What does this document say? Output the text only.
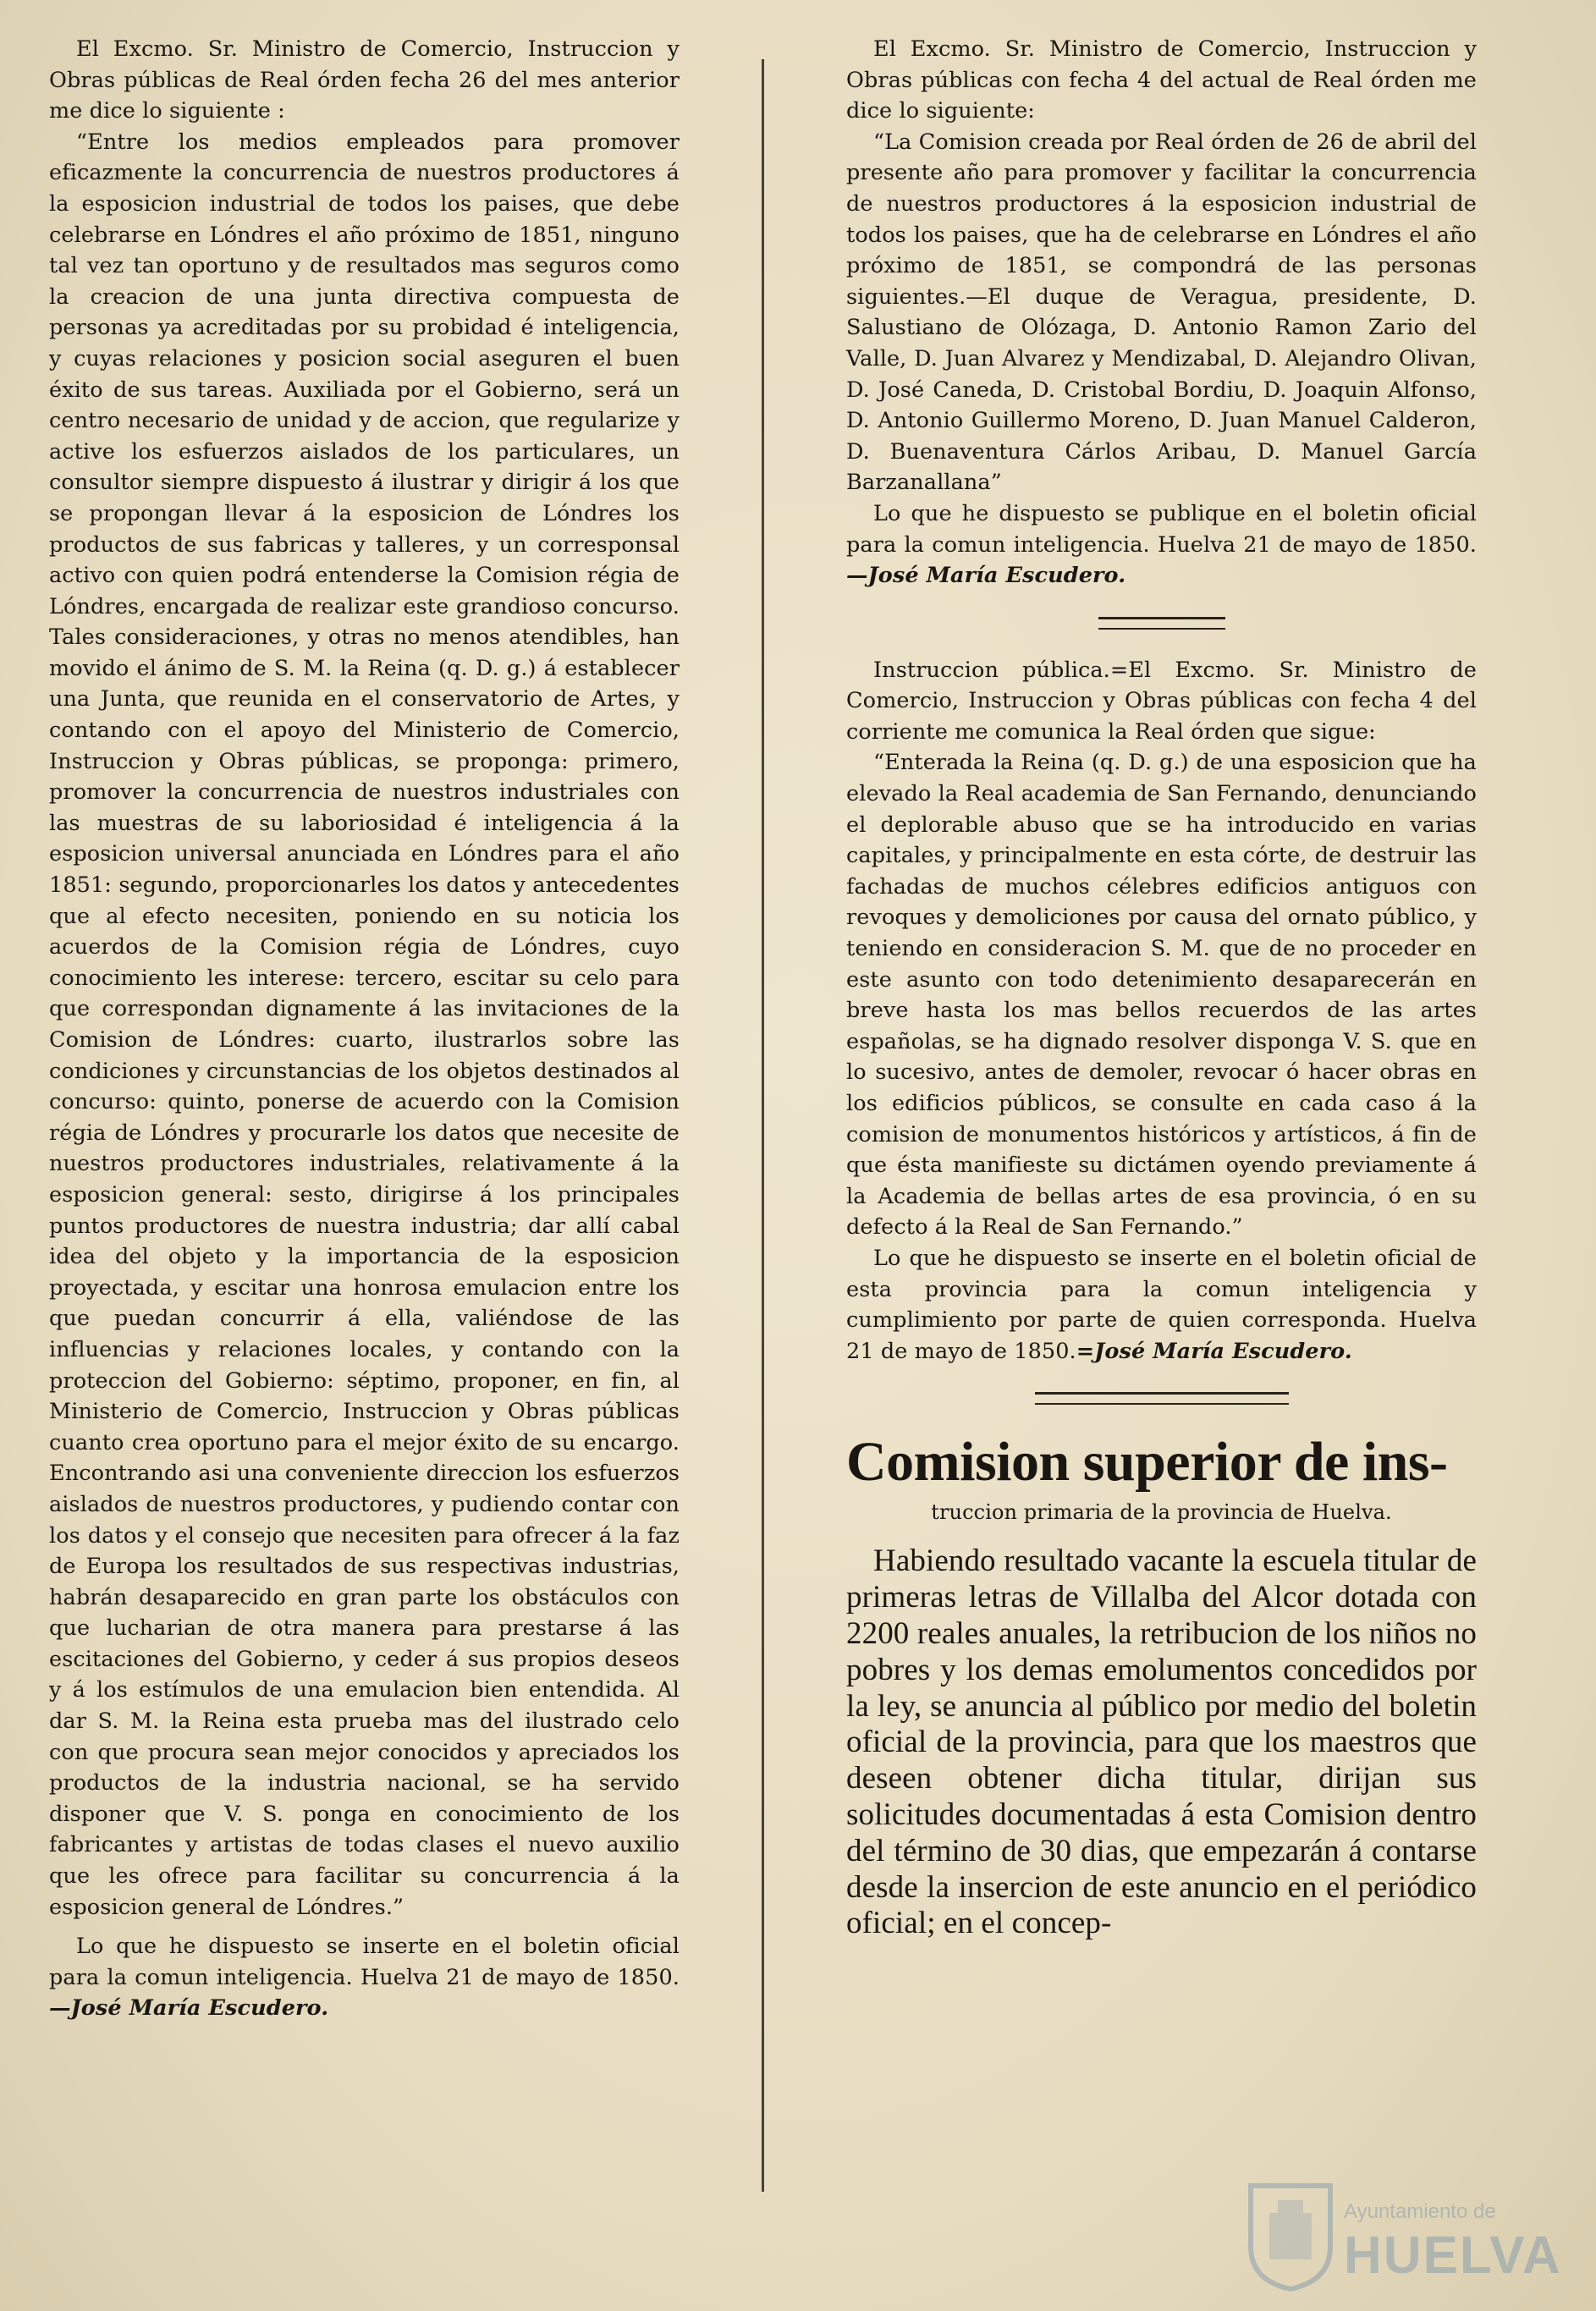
El Excmo. Sr. Ministro de Comercio, Instruccion y Obras públicas de Real órden fecha 26 del mes anterior me dice lo siguiente :

“Entre los medios empleados para promover eficazmente la concurrencia de nuestros productores á la esposicion industrial de todos los paises, que debe celebrarse en Lóndres el año próximo de 1851, ninguno tal vez tan oportuno y de resultados mas seguros como la creacion de una junta directiva compuesta de personas ya acreditadas por su probidad é inteligencia, y cuyas relaciones y posicion social aseguren el buen éxito de sus tareas. Auxiliada por el Gobierno, será un centro necesario de unidad y de accion, que regularize y active los esfuerzos aislados de los particulares, un consultor siempre dispuesto á ilustrar y dirigir á los que se propongan llevar á la esposicion de Lóndres los productos de sus fabricas y talleres, y un corresponsal activo con quien podrá entenderse la Comision régia de Lóndres, encargada de realizar este grandioso concurso. Tales consideraciones, y otras no menos atendibles, han movido el ánimo de S. M. la Reina (q. D. g.) á establecer una Junta, que reunida en el conservatorio de Artes, y contando con el apoyo del Ministerio de Comercio, Instruccion y Obras públicas, se proponga: primero, promover la concurrencia de nuestros industriales con las muestras de su laboriosidad é inteligencia á la esposicion universal anunciada en Lóndres para el año 1851: segundo, proporcionarles los datos y antecedentes que al efecto necesiten, poniendo en su noticia los acuerdos de la Comision régia de Lóndres, cuyo conocimiento les interese: tercero, escitar su celo para que correspondan dignamente á las invitaciones de la Comision de Lóndres: cuarto, ilustrarlos sobre las condiciones y circunstancias de los objetos destinados al concurso: quinto, ponerse de acuerdo con la Comision régia de Lóndres y procurarle los datos que necesite de nuestros productores industriales, relativamente á la esposicion general: sesto, dirigirse á los principales puntos productores de nuestra industria; dar allí cabal idea del objeto y la importancia de la esposicion proyectada, y escitar una honrosa emulacion entre los que puedan concurrir á ella, valiéndose de las influencias y relaciones locales, y contando con la proteccion del Gobierno: séptimo, proponer, en fin, al Ministerio de Comercio, Instruccion y Obras públicas cuanto crea oportuno para el mejor éxito de su encargo. Encontrando asi una conveniente direccion los esfuerzos aislados de nuestros productores, y pudiendo contar con los datos y el consejo que necesiten para ofrecer á la faz de Europa los resultados de sus respectivas industrias, habrán desaparecido en gran parte los obstáculos con que lucharian de otra manera para prestarse á las escitaciones del Gobierno, y ceder á sus propios deseos y á los estímulos de una emulacion bien entendida. Al dar S. M. la Reina esta prueba mas del ilustrado celo con que procura sean mejor conocidos y apreciados los productos de la industria nacional, se ha servido disponer que V. S. ponga en conocimiento de los fabricantes y artistas de todas clases el nuevo auxilio que les ofrece para facilitar su concurrencia á la esposicion general de Lóndres.”

Lo que he dispuesto se inserte en el boletin oficial para la comun inteligencia. Huelva 21 de mayo de 1850.—José María Escudero.

El Excmo. Sr. Ministro de Comercio, Instruccion y Obras públicas con fecha 4 del actual de Real órden me dice lo siguiente:

“La Comision creada por Real órden de 26 de abril del presente año para promover y facilitar la concurrencia de nuestros productores á la esposicion industrial de todos los paises, que ha de celebrarse en Lóndres el año próximo de 1851, se compondrá de las personas siguientes.—El duque de Veragua, presidente, D. Salustiano de Olózaga, D. Antonio Ramon Zario del Valle, D. Juan Alvarez y Mendizabal, D. Alejandro Olivan, D. José Caneda, D. Cristobal Bordiu, D. Joaquin Alfonso, D. Antonio Guillermo Moreno, D. Juan Manuel Calderon, D. Buenaventura Cárlos Aribau, D. Manuel García Barzanallana”

Lo que he dispuesto se publique en el boletin oficial para la comun inteligencia. Huelva 21 de mayo de 1850.—José María Escudero.

Instruccion pública.=El Excmo. Sr. Ministro de Comercio, Instruccion y Obras públicas con fecha 4 del corriente me comunica la Real órden que sigue:

“Enterada la Reina (q. D. g.) de una esposicion que ha elevado la Real academia de San Fernando, denunciando el deplorable abuso que se ha introducido en varias capitales, y principalmente en esta córte, de destruir las fachadas de muchos célebres edificios antiguos con revoques y demoliciones por causa del ornato público, y teniendo en consideracion S. M. que de no proceder en este asunto con todo detenimiento desaparecerán en breve hasta los mas bellos recuerdos de las artes españolas, se ha dignado resolver disponga V. S. que en lo sucesivo, antes de demoler, revocar ó hacer obras en los edificios públicos, se consulte en cada caso á la comision de monumentos históricos y artísticos, á fin de que ésta manifieste su dictámen oyendo previamente á la Academia de bellas artes de esa provincia, ó en su defecto á la Real de San Fernando.”

Lo que he dispuesto se inserte en el boletin oficial de esta provincia para la comun inteligencia y cumplimiento por parte de quien corresponda. Huelva 21 de mayo de 1850.=José María Escudero.

Comision superior de ins-
truccion primaria de la provincia de Huelva.

Habiendo resultado vacante la escuela titular de primeras letras de Villalba del Alcor dotada con 2200 reales anuales, la retribucion de los niños no pobres y los demas emolumentos concedidos por la ley, se anuncia al público por medio del boletin oficial de la provincia, para que los maestros que deseen obtener dicha titular, dirijan sus solicitudes documentadas á esta Comision dentro del término de 30 dias, que empezarán á contarse desde la insercion de este anuncio en el periódico oficial; en el concep-

Ayuntamiento de
HUELVA
